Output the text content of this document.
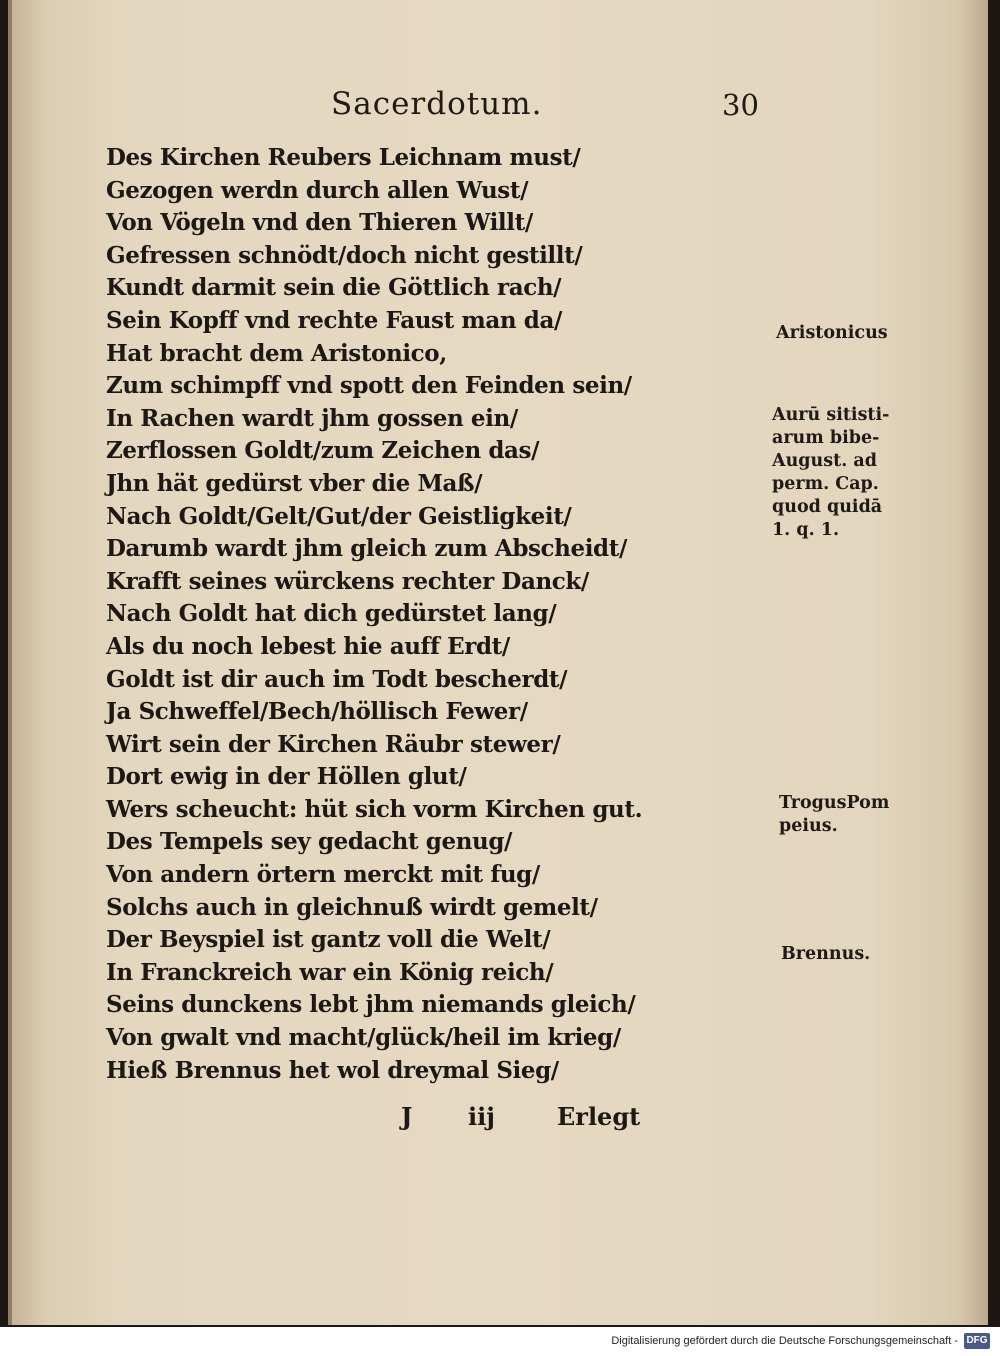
Sacerdotum.	30
Des Kirchen Reubers Leichnam must/
Gezogen werdn durch allen Wust/
Von Vögeln vnd den Thieren Willt/
Gefressen schnödt/doch nicht gestillt/
Kundt darmit sein die Göttlich rach/
Sein Kopff vnd rechte Faust man da/
Hat bracht dem Aristonico,
Zum schimpff vnd spott den Feinden sein/
In Rachen wardt jhm gossen ein/
Zerflossen Goldt/zum Zeichen das/
Jhn hät gedürst vber die Maß/
Nach Goldt/Gelt/Gut/der Geistligkeit/
Darumb wardt jhm gleich zum Abscheidt/
Krafft seines würckens rechter Danck/
Nach Goldt hat dich gedürstet lang/
Als du noch lebest hie auff Erdt/
Goldt ist dir auch im Todt bescherdt/
Ja Schweffel/Bech/höllisch Fewer/
Wirt sein der Kirchen Räubr stewer/
Dort ewig in der Höllen glut/
Wers scheucht: hüt sich vorm Kirchen gut.
Des Tempels sey gedacht genug/
Von andern örtern merckt mit fug/
Solchs auch in gleichnuß wirdt gemelt/
Der Beyspiel ist gantz voll die Welt/
In Franckreich war ein König reich/
Seins dunckens lebt jhm niemands gleich/
Von gwalt vnd macht/glück/heil im krieg/
Hieß Brennus het wol dreymal Sieg/
J iij	Erlegt
Aristonicus
Aurū sitisti-
arum bibe-
August. ad
perm. Cap.
quod quidā
1. q. 1.
TrogusPom
peius.
Brennus.
Digitalisierung gefördert durch die Deutsche Forschungsgemeinschaft - DFG
